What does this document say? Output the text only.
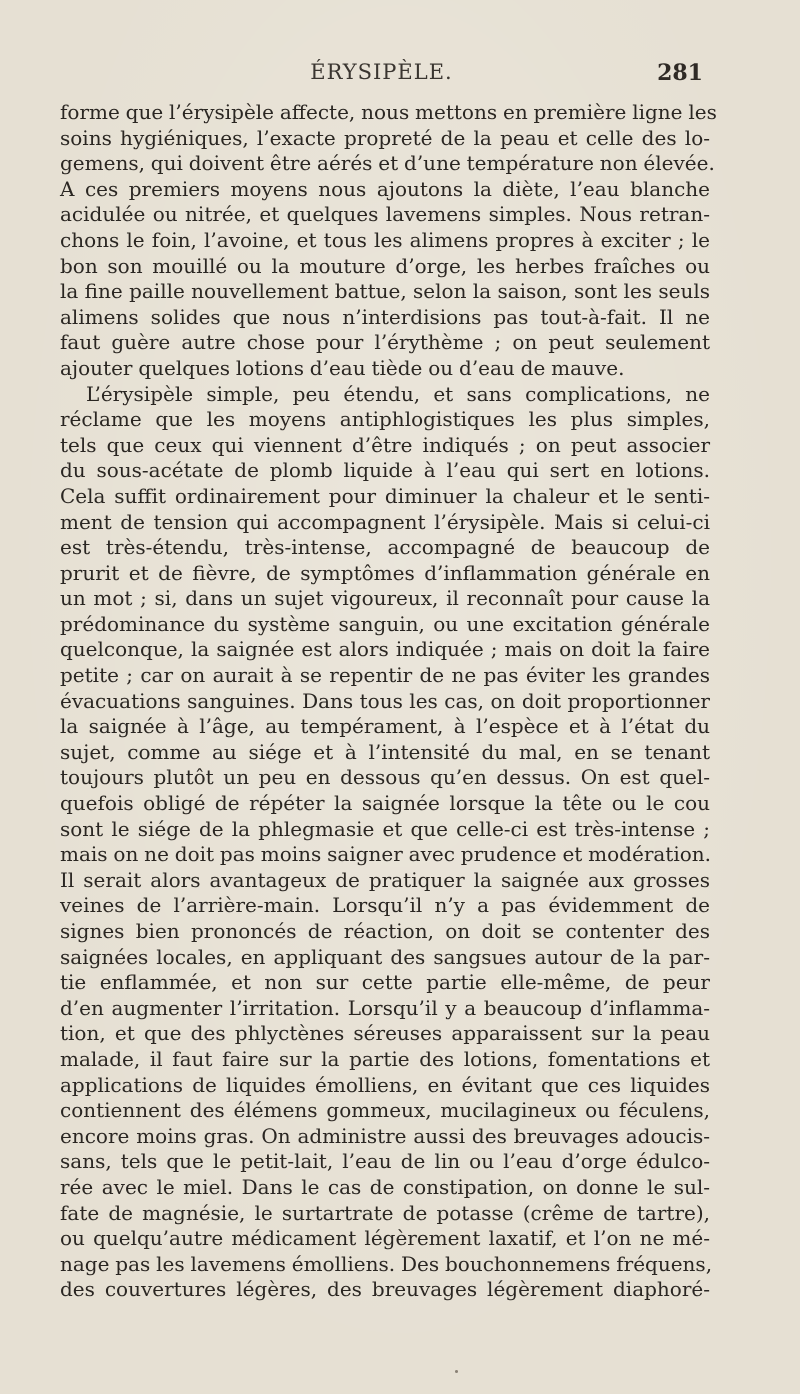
ÉRYSIPÈLE.	281
forme que l’érysipèle affecte, nous mettons en première ligne les
soins hygiéniques, l’exacte propreté de la peau et celle des lo-
gemens, qui doivent être aérés et d’une température non élevée.
A ces premiers moyens nous ajoutons la diète, l’eau blanche
acidulée ou nitrée, et quelques lavemens simples. Nous retran-
chons le foin, l’avoine, et tous les alimens propres à exciter ; le
bon son mouillé ou la mouture d’orge, les herbes fraîches ou
la fine paille nouvellement battue, selon la saison, sont les seuls
alimens solides que nous n’interdisions pas tout-à-fait. Il ne
faut guère autre chose pour l’érythème ; on peut seulement
ajouter quelques lotions d’eau tiède ou d’eau de mauve.
L’érysipèle simple, peu étendu, et sans complications, ne
réclame que les moyens antiphlogistiques les plus simples,
tels que ceux qui viennent d’être indiqués ; on peut associer
du sous-acétate de plomb liquide à l’eau qui sert en lotions.
Cela suffit ordinairement pour diminuer la chaleur et le senti-
ment de tension qui accompagnent l’érysipèle. Mais si celui-ci
est très-étendu, très-intense, accompagné de beaucoup de
prurit et de fièvre, de symptômes d’inflammation générale en
un mot ; si, dans un sujet vigoureux, il reconnaît pour cause la
prédominance du système sanguin, ou une excitation générale
quelconque, la saignée est alors indiquée ; mais on doit la faire
petite ; car on aurait à se repentir de ne pas éviter les grandes
évacuations sanguines. Dans tous les cas, on doit proportionner
la saignée à l’âge, au tempérament, à l’espèce et à l’état du
sujet, comme au siége et à l’intensité du mal, en se tenant
toujours plutôt un peu en dessous qu’en dessus. On est quel-
quefois obligé de répéter la saignée lorsque la tête ou le cou
sont le siége de la phlegmasie et que celle-ci est très-intense ;
mais on ne doit pas moins saigner avec prudence et modération.
Il serait alors avantageux de pratiquer la saignée aux grosses
veines de l’arrière-main. Lorsqu’il n’y a pas évidemment de
signes bien prononcés de réaction, on doit se contenter des
saignées locales, en appliquant des sangsues autour de la par-
tie enflammée, et non sur cette partie elle-même, de peur
d’en augmenter l’irritation. Lorsqu’il y a beaucoup d’inflamma-
tion, et que des phlyctènes séreuses apparaissent sur la peau
malade, il faut faire sur la partie des lotions, fomentations et
applications de liquides émolliens, en évitant que ces liquides
contiennent des élémens gommeux, mucilagineux ou féculens,
encore moins gras. On administre aussi des breuvages adoucis-
sans, tels que le petit-lait, l’eau de lin ou l’eau d’orge édulco-
rée avec le miel. Dans le cas de constipation, on donne le sul-
fate de magnésie, le surtartrate de potasse (crême de tartre),
ou quelqu’autre médicament légèrement laxatif, et l’on ne mé-
nage pas les lavemens émolliens. Des bouchonnemens fréquens,
des couvertures légères, des breuvages légèrement diaphoré-
